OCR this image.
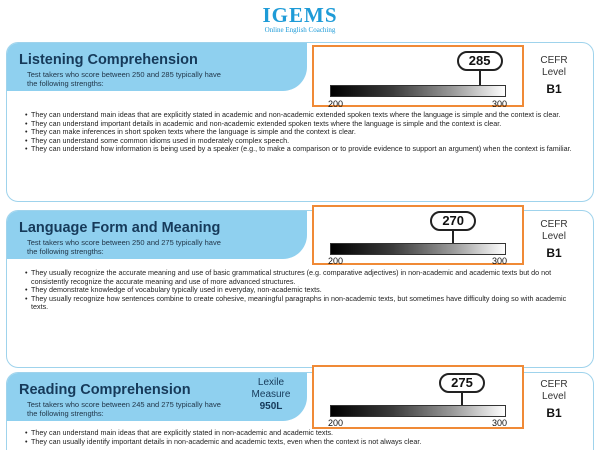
IGEMS
Online English Coaching
Listening Comprehension
Test takers who score between 250 and 285 typically have the following strengths:
285
200	300
CEFR Level
B1
• They can understand main ideas that are explicitly stated in academic and non-academic extended spoken texts where the language is simple and the context is clear.
• They can understand important details in academic and non-academic extended spoken texts where the language is simple and the context is clear.
• They can make inferences in short spoken texts where the language is simple and the context is clear.
• They can understand some common idioms used in moderately complex speech.
• They can understand how information is being used by a speaker (e.g., to make a comparison or to provide evidence to support an argument) when the context is familiar.
Language Form and Meaning
Test takers who score between 250 and 275 typically have the following strengths:
270
200	300
CEFR Level
B1
• They usually recognize the accurate meaning and use of basic grammatical structures (e.g. comparative adjectives) in non-academic and academic texts but do not consistently recognize the accurate meaning and use of more advanced structures.
• They demonstrate knowledge of vocabulary typically used in everyday, non-academic texts.
• They usually recognize how sentences combine to create cohesive, meaningful paragraphs in non-academic texts, but sometimes have difficulty doing so with academic texts.
Reading Comprehension
Test takers who score between 245 and 275 typically have the following strengths:
Lexile Measure
950L
275
200	300
CEFR Level
B1
• They can understand main ideas that are explicitly stated in non-academic and academic texts.
• They can usually identify important details in non-academic and academic texts, even when the context is not always clear.
